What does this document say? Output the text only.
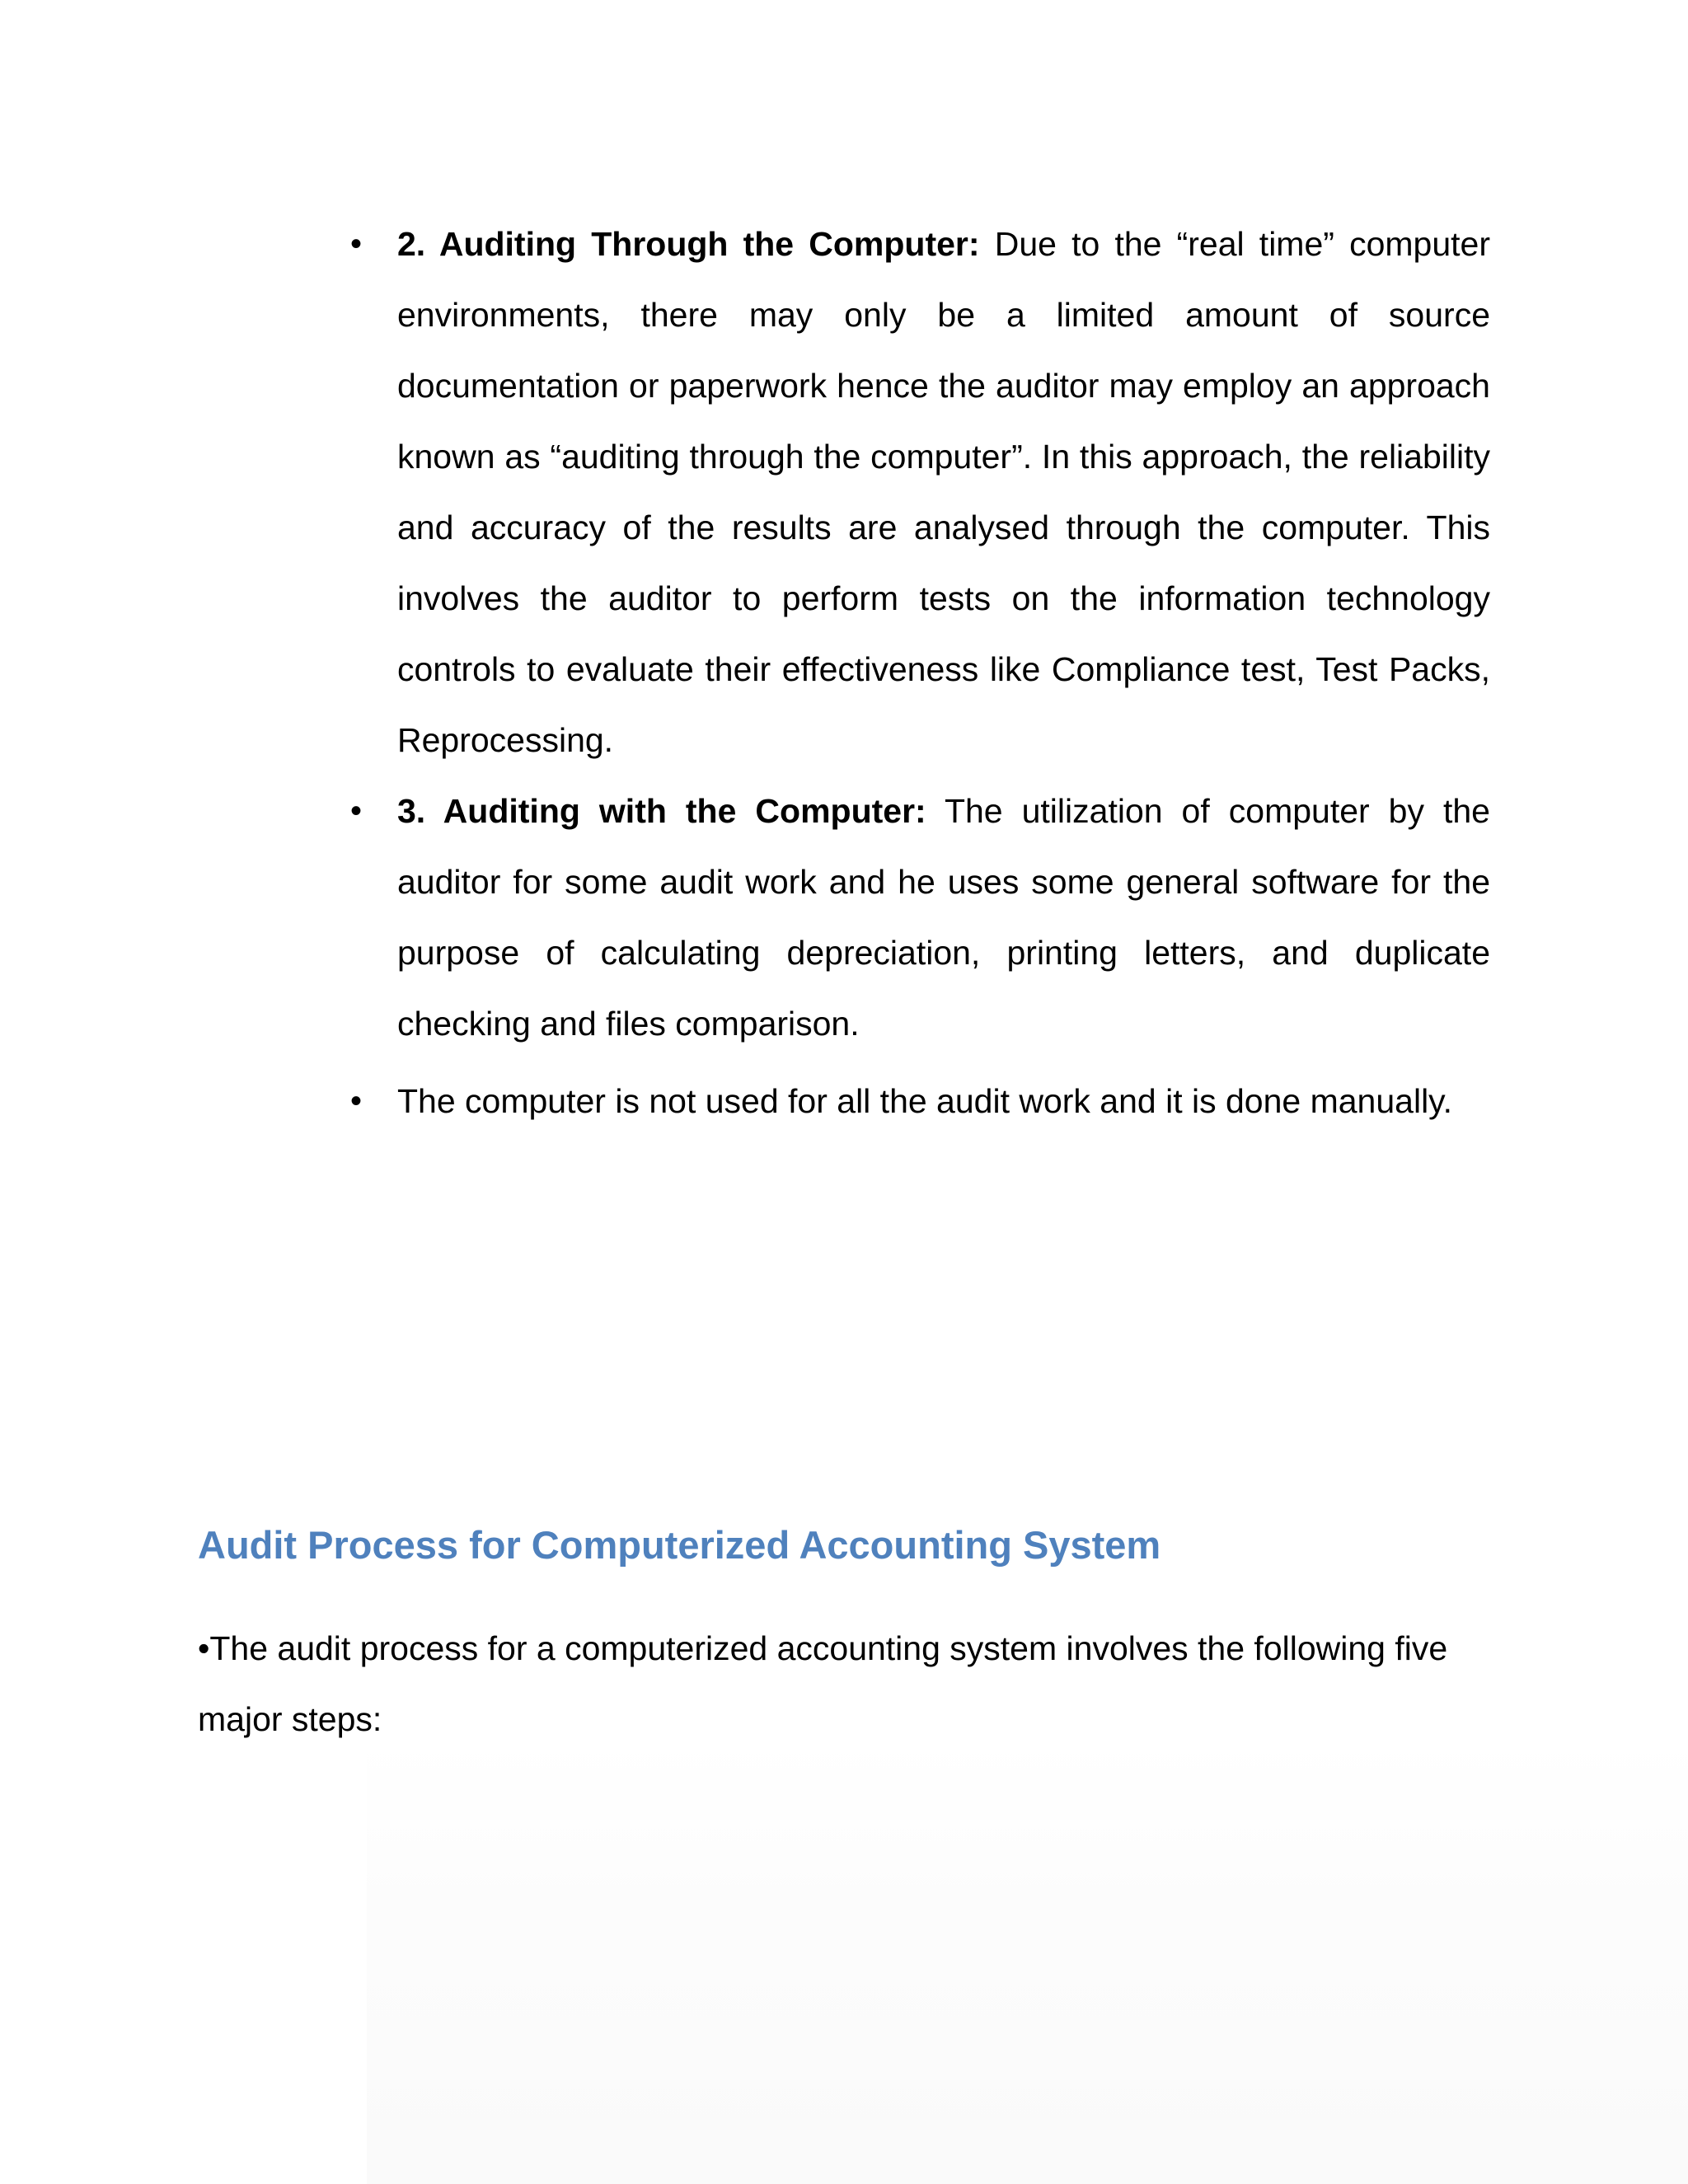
• 2. Auditing Through the Computer: Due to the “real time” computer environments, there may only be a limited amount of source documentation or paperwork hence the auditor may employ an approach known as “auditing through the computer”. In this approach, the reliability and accuracy of the results are analysed through the computer. This involves the auditor to perform tests on the information technology controls to evaluate their effectiveness like Compliance test, Test Packs, Reprocessing.

• 3. Auditing with the Computer: The utilization of computer by the auditor for some audit work and he uses some general software for the purpose of calculating depreciation, printing letters, and duplicate checking and files comparison.

• The computer is not used for all the audit work and it is done manually.

Audit Process for Computerized Accounting System

•The audit process for a computerized accounting system involves the following five major steps:
